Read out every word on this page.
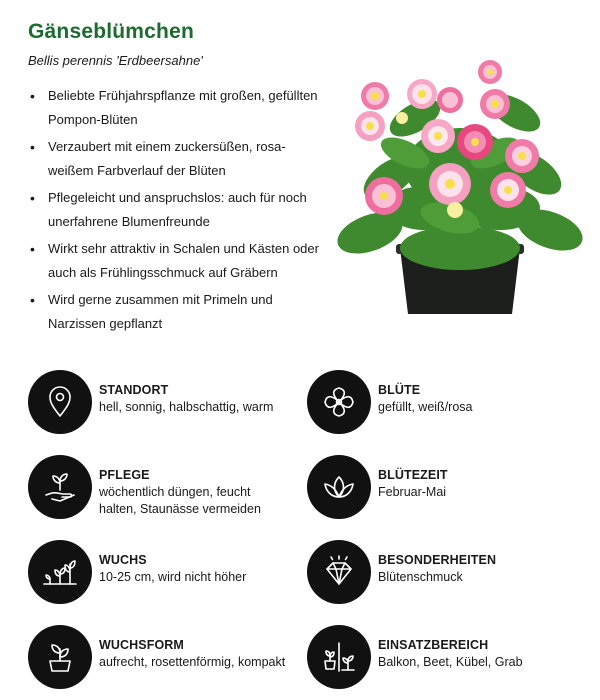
Gänseblümchen
Bellis perennis 'Erdbeersahne'
• Beliebte Frühjahrspflanze mit großen, gefüllten Pompon-Blüten
• Verzaubert mit einem zuckersüßen, rosa-weißem Farbverlauf der Blüten
• Pflegeleicht und anspruchslos: auch für noch unerfahrene Blumenfreunde
• Wirkt sehr attraktiv in Schalen und Kästen oder auch als Frühlingsschmuck auf Gräbern
• Wird gerne zusammen mit Primeln und Narzissen gepflanzt
STANDORT
hell, sonnig, halbschattig, warm
BLÜTE
gefüllt, weiß/rosa
PFLEGE
wöchentlich düngen, feucht halten, Staunässe vermeiden
BLÜTEZEIT
Februar-Mai
WUCHS
10-25 cm, wird nicht höher
BESONDERHEITEN
Blütenschmuck
WUCHSFORM
aufrecht, rosettenförmig, kompakt
EINSATZBEREICH
Balkon, Beet, Kübel, Grab
